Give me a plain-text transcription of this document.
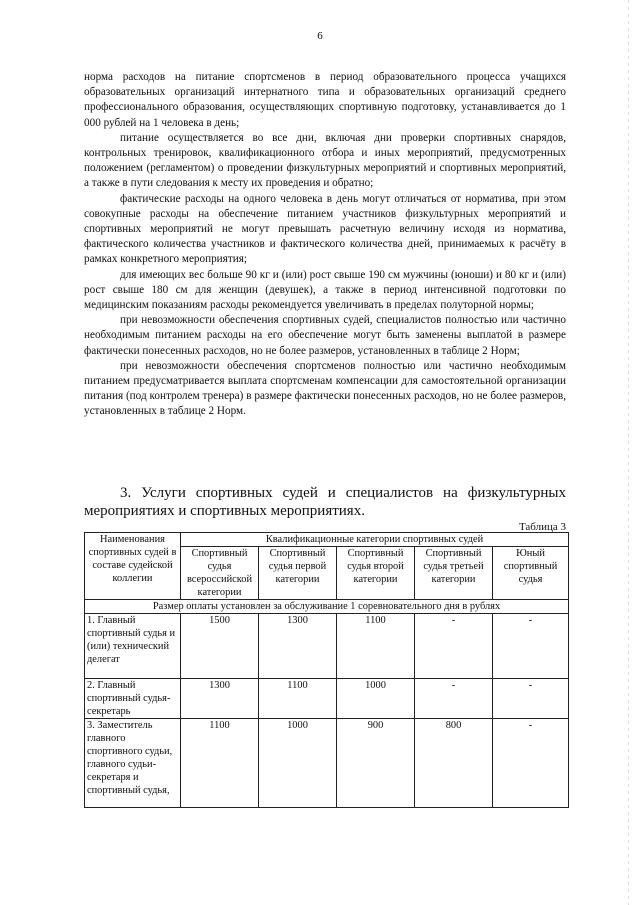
6

норма расходов на питание спортсменов в период образовательного процесса учащихся образовательных организаций интернатного типа и образовательных организаций среднего профессионального образования, осуществляющих спортивную подготовку, устанавливается до 1 000 рублей на 1 человека в день;

питание осуществляется во все дни, включая дни проверки спортивных снарядов, контрольных тренировок, квалификационного отбора и иных мероприятий, предусмотренных положением (регламентом) о проведении физкультурных мероприятий и спортивных мероприятий, а также в пути следования к месту их проведения и обратно;

фактические расходы на одного человека в день могут отличаться от норматива, при этом совокупные расходы на обеспечение питанием участников физкультурных мероприятий и спортивных мероприятий не могут превышать расчетную величину исходя из норматива, фактического количества участников и фактического количества дней, принимаемых к расчёту в рамках конкретного мероприятия;

для имеющих вес больше 90 кг и (или) рост свыше 190 см мужчины (юноши) и 80 кг и (или) рост свыше 180 см для женщин (девушек), а также в период интенсивной подготовки по медицинским показаниям расходы рекомендуется увеличивать в пределах полуторной нормы;

при невозможности обеспечения спортивных судей, специалистов полностью или частично необходимым питанием расходы на его обеспечение могут быть заменены выплатой в размере фактически понесенных расходов, но не более размеров, установленных в таблице 2 Норм;

при невозможности обеспечения спортсменов полностью или частично необходимым питанием предусматривается выплата спортсменам компенсации для самостоятельной организации питания (под контролем тренера) в размере фактически понесенных расходов, но не более размеров, установленных в таблице 2 Норм.

3. Услуги спортивных судей и специалистов на физкультурных мероприятиях и спортивных мероприятиях.
Таблица 3
Наименования спортивных судей в составе судейской коллегии	Квалификационные категории спортивных судей				
	Спортивный судья всероссийской категории	Спортивный судья первой категории	Спортивный судья второй категории	Спортивный судья третьей категории	Юный спортивный судья
Размер оплаты установлен за обслуживание 1 соревновательного дня в рублях					
1. Главный спортивный судья и (или) технический делегат	1500	1300	1100	-	-
2. Главный спортивный судья-секретарь	1300	1100	1000	-	-
3. Заместитель главного спортивного судьи, главного судьи-секретаря и спортивный судья,	1100	1000	900	800	-
